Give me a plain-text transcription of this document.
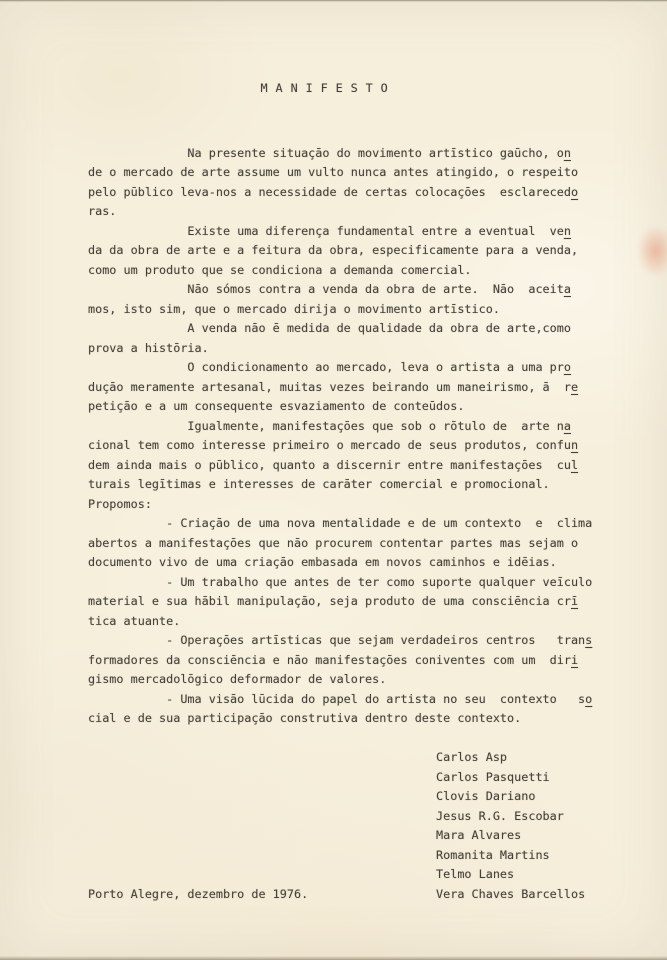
M A N I F E S T O
Na presente situaçāo do movimento artīstico gaūcho, on
de o mercado de arte assume um vulto nunca antes atingido, o respeito
pelo pūblico leva-nos a necessidade de certas colocaçōes  esclarecedo
ras.
Existe uma diferença fundamental entre a eventual  ven
da da obra de arte e a feitura da obra, especificamente para a venda,
como um produto que se condiciona a demanda comercial.
Nāo sómos contra a venda da obra de arte.  Nāo  aceita
mos, isto sim, que o mercado dirija o movimento artīstico.
A venda nāo ē medida de qualidade da obra de arte,como
prova a histōria.
O condicionamento ao mercado, leva o artista a uma pro
duçāo meramente artesanal, muitas vezes beirando um maneirismo, ā  re
petiçāo e a um consequente esvaziamento de conteūdos.
Igualmente, manifestaçōes que sob o rōtulo de  arte na
cional tem como interesse primeiro o mercado de seus produtos, confun
dem ainda mais o pūblico, quanto a discernir entre manifestaçōes  cul
turais legītimas e interesses de carāter comercial e promocional.
Propomos:
- Criaçāo de uma nova mentalidade e de um contexto  e  clima
abertos a manifestaçōes que nāo procurem contentar partes mas sejam o
documento vivo de uma criaçāo embasada em novos caminhos e idēias.
- Um trabalho que antes de ter como suporte qualquer veīculo
material e sua hābil manipulaçāo, seja produto de uma consciēncia crī
tica atuante.
- Operaçōes artīsticas que sejam verdadeiros centros   trans
formadores da consciēncia e nāo manifestaçōes coniventes com um  diri
gismo mercadolōgico deformador de valores.
- Uma visāo lūcida do papel do artista no seu  contexto   so
cial e de sua participaçāo construtiva dentro deste contexto.
Carlos Asp
Carlos Pasquetti
Clovis Dariano
Jesus R.G. Escobar
Mara Alvares
Romanita Martins
Telmo Lanes
Porto Alegre, dezembro de 1976.	Vera Chaves Barcellos
